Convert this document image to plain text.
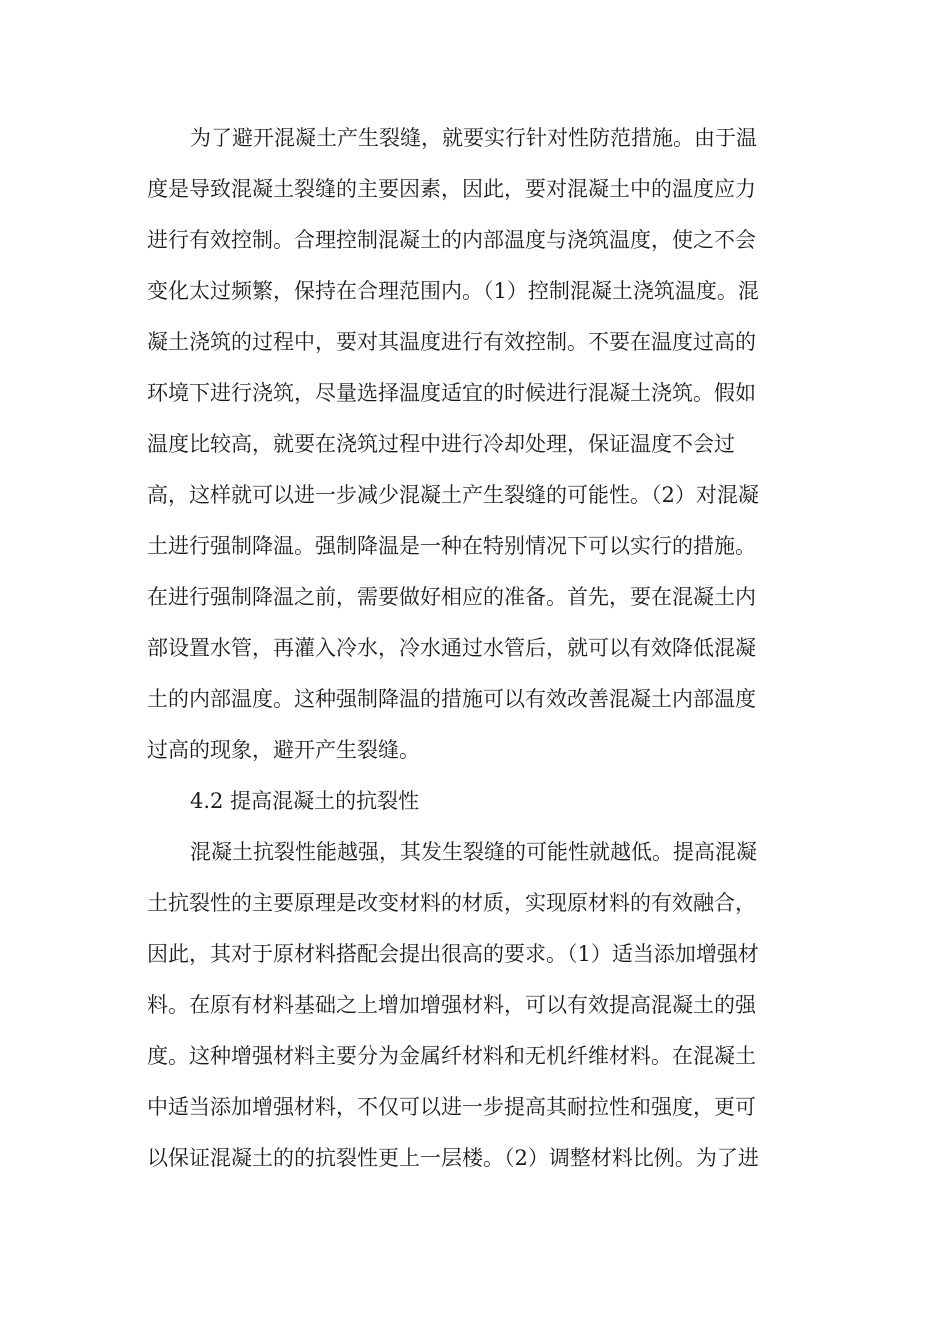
为了避开混凝土产生裂缝，就要实行针对性防范措施。由于温

度是导致混凝土裂缝的主要因素，因此，要对混凝土中的温度应力

进行有效控制。合理控制混凝土的内部温度与浇筑温度，使之不会

变化太过频繁，保持在合理范围内。（1）控制混凝土浇筑温度。混

凝土浇筑的过程中，要对其温度进行有效控制。不要在温度过高的

环境下进行浇筑，尽量选择温度适宜的时候进行混凝土浇筑。假如

温度比较高，就要在浇筑过程中进行冷却处理，保证温度不会过

高，这样就可以进一步减少混凝土产生裂缝的可能性。（2）对混凝

土进行强制降温。强制降温是一种在特别情况下可以实行的措施。

在进行强制降温之前，需要做好相应的准备。首先，要在混凝土内

部设置水管，再灌入冷水，冷水通过水管后，就可以有效降低混凝

土的内部温度。这种强制降温的措施可以有效改善混凝土内部温度

过高的现象，避开产生裂缝。

4.2 提高混凝土的抗裂性

混凝土抗裂性能越强，其发生裂缝的可能性就越低。提高混凝

土抗裂性的主要原理是改变材料的材质，实现原材料的有效融合，

因此，其对于原材料搭配会提出很高的要求。（1）适当添加增强材

料。在原有材料基础之上增加增强材料，可以有效提高混凝土的强

度。这种增强材料主要分为金属纤材料和无机纤维材料。在混凝土

中适当添加增强材料，不仅可以进一步提高其耐拉性和强度，更可

以保证混凝土的的抗裂性更上一层楼。（2）调整材料比例。为了进
